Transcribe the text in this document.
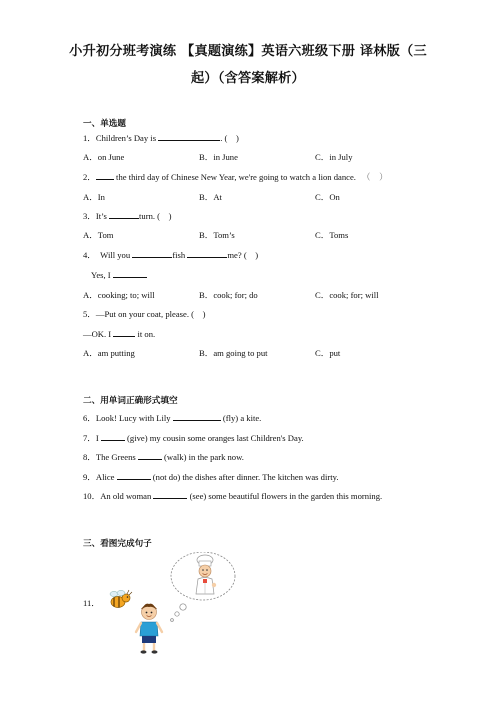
小升初分班考演练 【真题演练】英语六班级下册 译林版（三
起）（含答案解析）
一、单选题
1．Children’s Day is	. (　)
A．on June	B．in June	C．in July
2． the third day of Chinese New Year, we're going to watch a lion dance. （　）
A．In	B．At	C．On
3．It’s	turn. (　)
A．Tom	B．Tom’s	C．Toms
4．　Will you	fish	me? (　)
Yes, I
A．cooking; to; will	B．cook; for; do	C．cook; for; will
5．—Put on your coat, please. (　)
—OK. I	it on.
A．am putting	B．am going to put	C．put
二、用单词正确形式填空
6．Look! Lucy with Lily	(fly) a kite.
7．I	(give) my cousin some oranges last Children's Day.
8．The Greens	(walk) in the park now.
9．Alice	(not do) the dishes after dinner. The kitchen was dirty.
10．An old woman	(see) some beautiful flowers in the garden this morning.
三、看图完成句子
11．
